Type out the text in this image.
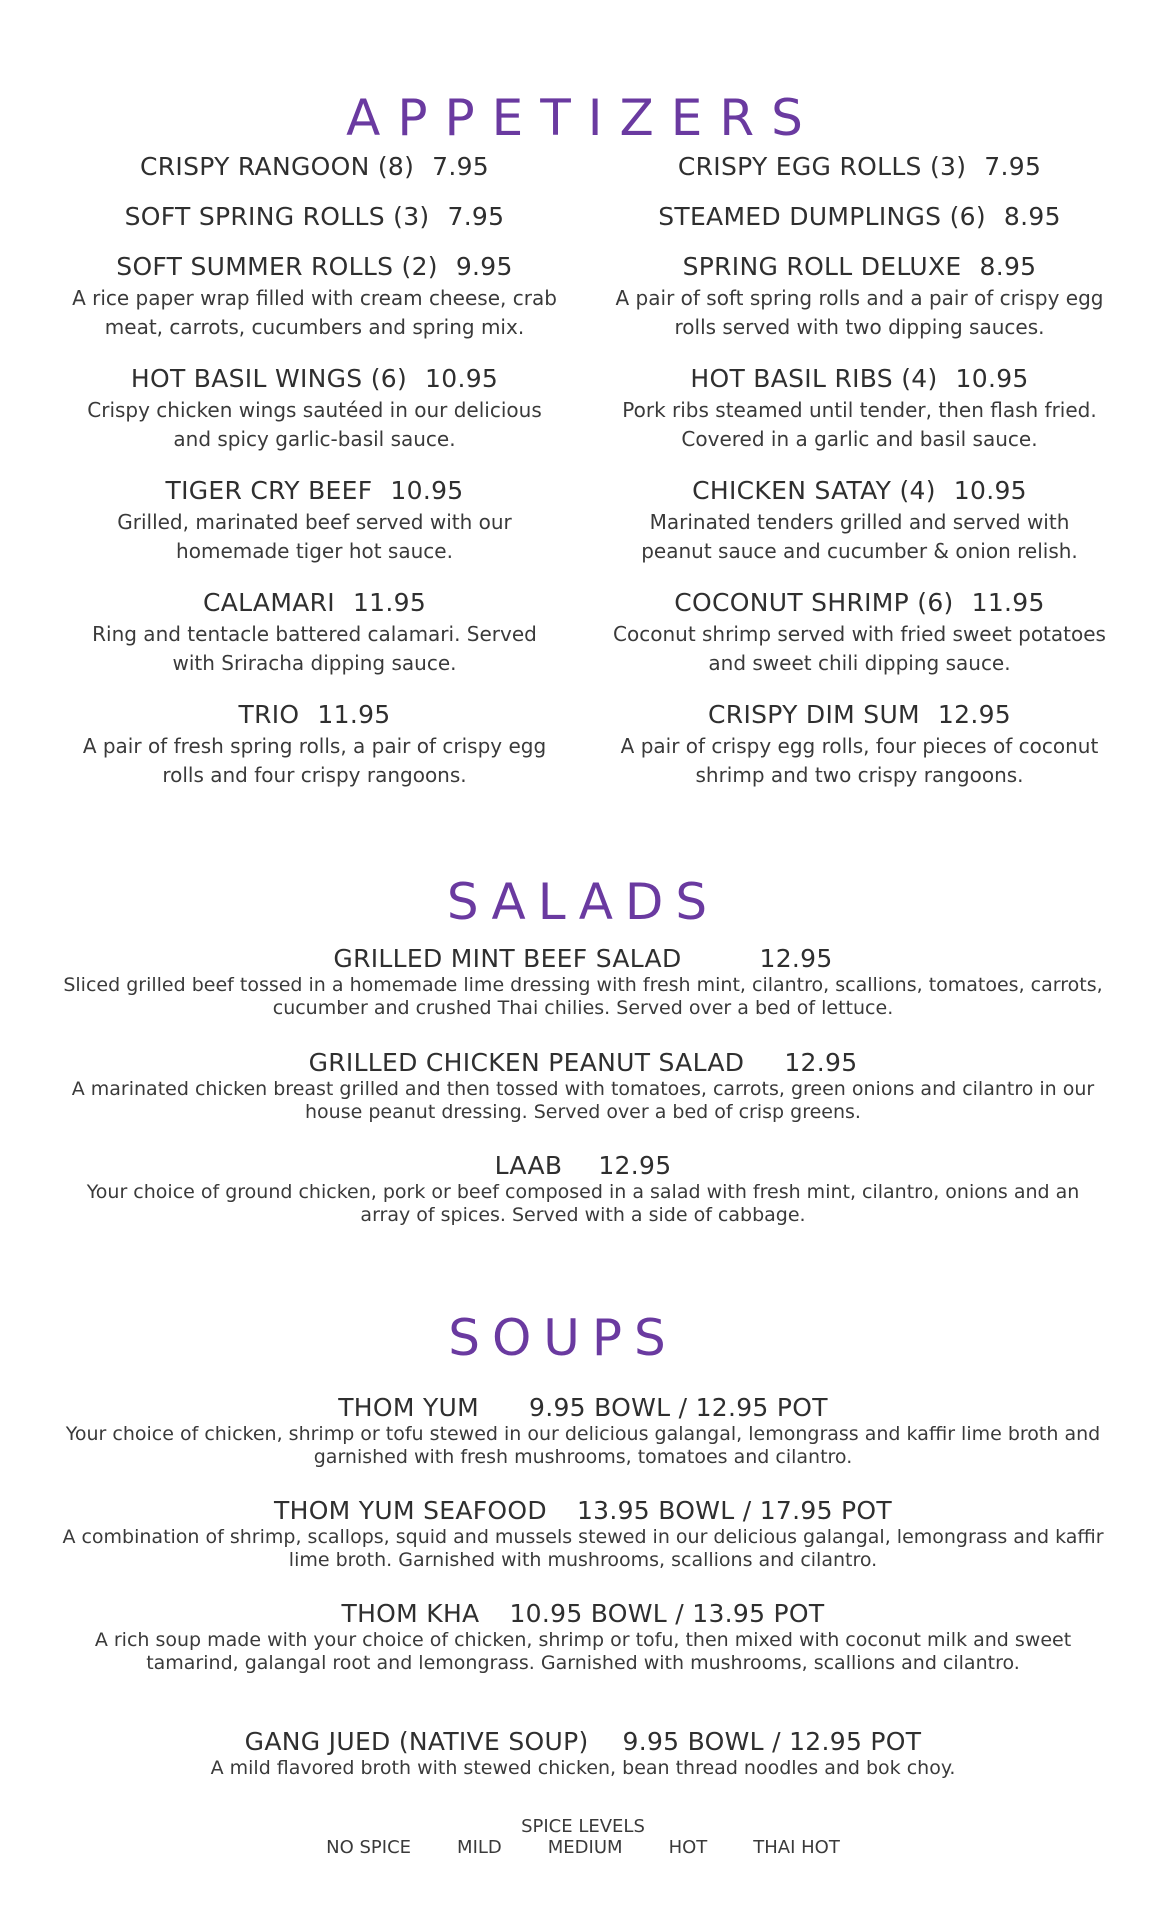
APPETIZERS
CRISPY RANGOON (8) 7.95
SOFT SPRING ROLLS (3) 7.95
SOFT SUMMER ROLLS (2) 9.95
A rice paper wrap filled with cream cheese, crab meat, carrots, cucumbers and spring mix.
HOT BASIL WINGS (6) 10.95
Crispy chicken wings sautéed in our delicious and spicy garlic-basil sauce.
TIGER CRY BEEF 10.95
Grilled, marinated beef served with our homemade tiger hot sauce.
CALAMARI 11.95
Ring and tentacle battered calamari. Served with Sriracha dipping sauce.
TRIO 11.95
A pair of fresh spring rolls, a pair of crispy egg rolls and four crispy rangoons.
CRISPY EGG ROLLS (3) 7.95
STEAMED DUMPLINGS (6) 8.95
SPRING ROLL DELUXE 8.95
A pair of soft spring rolls and a pair of crispy egg rolls served with two dipping sauces.
HOT BASIL RIBS (4) 10.95
Pork ribs steamed until tender, then flash fried. Covered in a garlic and basil sauce.
CHICKEN SATAY (4) 10.95
Marinated tenders grilled and served with peanut sauce and cucumber & onion relish.
COCONUT SHRIMP (6) 11.95
Coconut shrimp served with fried sweet potatoes and sweet chili dipping sauce.
CRISPY DIM SUM 12.95
A pair of crispy egg rolls, four pieces of coconut shrimp and two crispy rangoons.
SALADS
GRILLED MINT BEEF SALAD	12.95
Sliced grilled beef tossed in a homemade lime dressing with fresh mint, cilantro, scallions, tomatoes, carrots, cucumber and crushed Thai chilies. Served over a bed of lettuce.
GRILLED CHICKEN PEANUT SALAD 12.95
A marinated chicken breast grilled and then tossed with tomatoes, carrots, green onions and cilantro in our house peanut dressing. Served over a bed of crisp greens.
LAAB 12.95
Your choice of ground chicken, pork or beef composed in a salad with fresh mint, cilantro, onions and an array of spices. Served with a side of cabbage.
SOUPS
THOM YUM 9.95 BOWL / 12.95 POT
Your choice of chicken, shrimp or tofu stewed in our delicious galangal, lemongrass and kaffir lime broth and garnished with fresh mushrooms, tomatoes and cilantro.
THOM YUM SEAFOOD 13.95 BOWL / 17.95 POT
A combination of shrimp, scallops, squid and mussels stewed in our delicious galangal, lemongrass and kaffir lime broth. Garnished with mushrooms, scallions and cilantro.
THOM KHA 10.95 BOWL / 13.95 POT
A rich soup made with your choice of chicken, shrimp or tofu, then mixed with coconut milk and sweet tamarind, galangal root and lemongrass. Garnished with mushrooms, scallions and cilantro.
GANG JUED (NATIVE SOUP) 9.95 BOWL / 12.95 POT
A mild flavored broth with stewed chicken, bean thread noodles and bok choy.
SPICE LEVELS
NO SPICE	MILD	MEDIUM	HOT	THAI HOT
